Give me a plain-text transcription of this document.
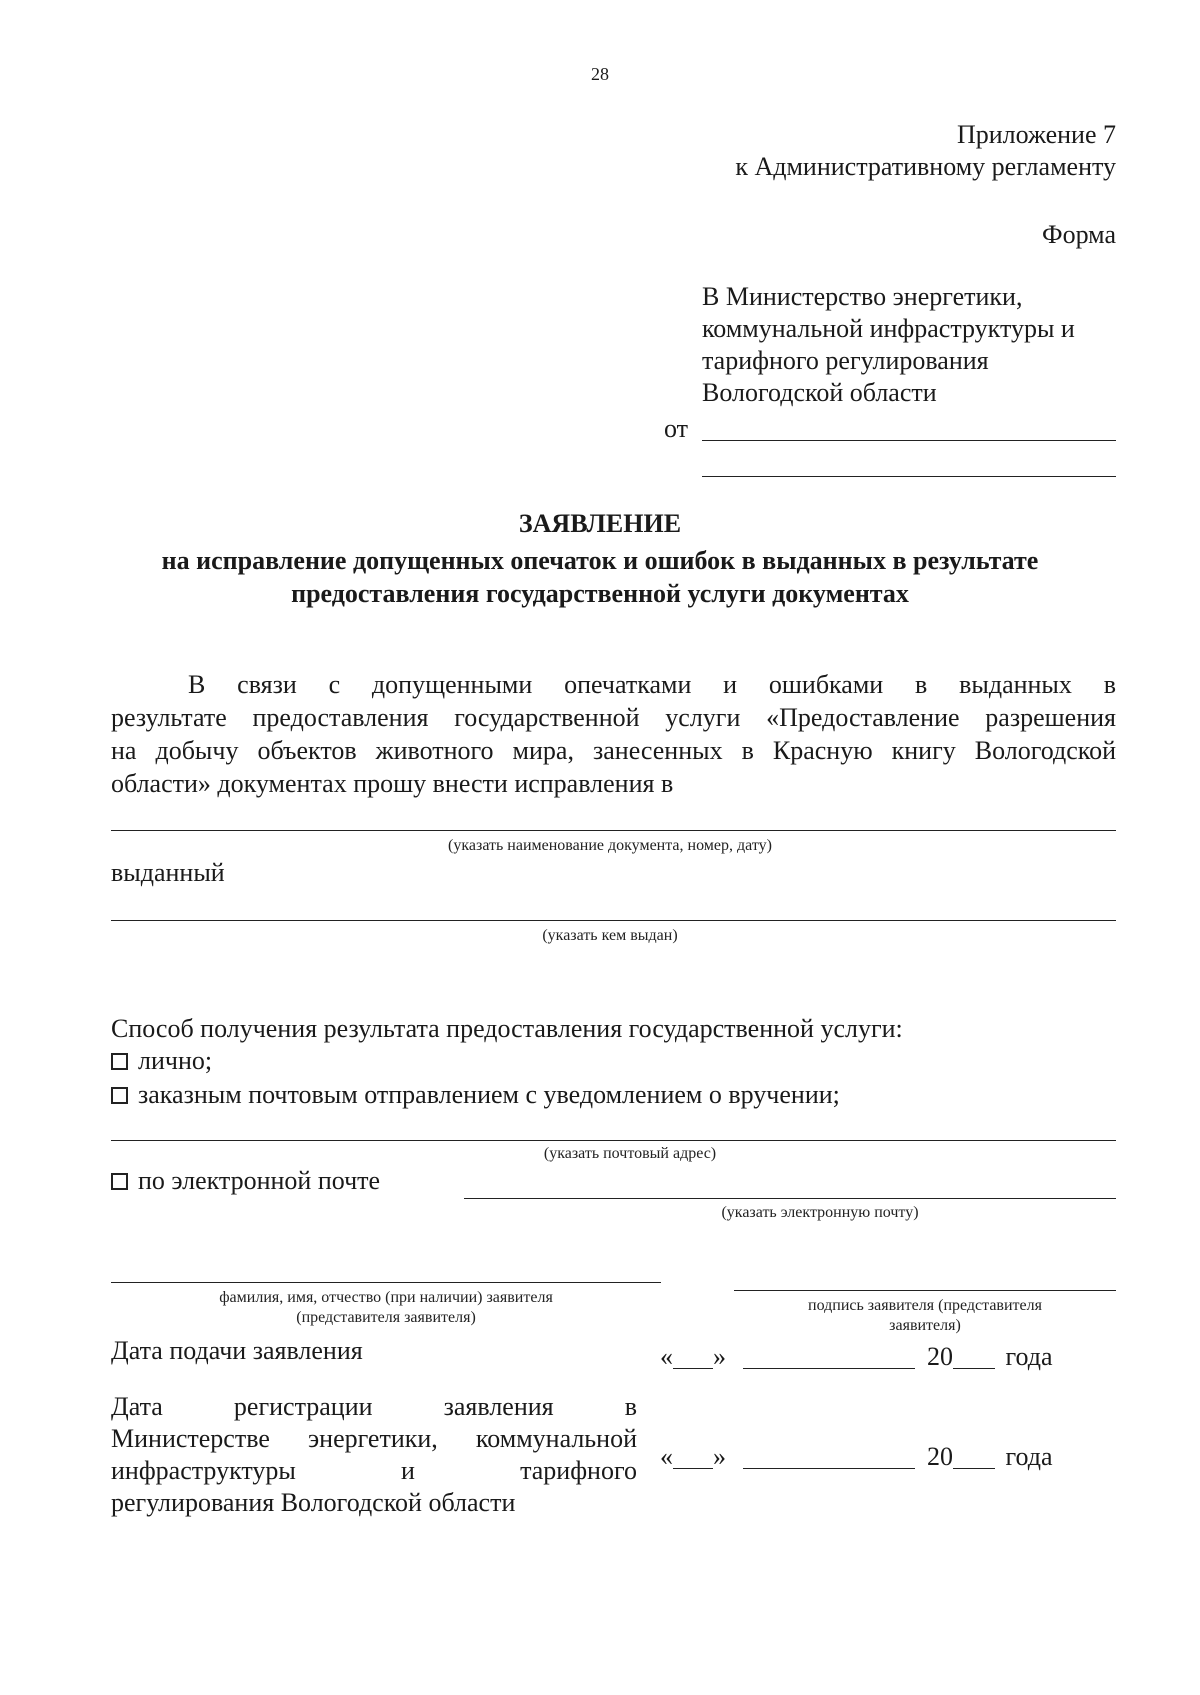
28
Приложение 7
к Административному регламенту
Форма
В Министерство энергетики,
коммунальной инфраструктуры и
тарифного регулирования
Вологодской области
от
ЗАЯВЛЕНИЕ
на исправление допущенных опечаток и ошибок в выданных в результате
предоставления государственной услуги документах
В связи с допущенными опечатками и ошибками в выданных в
результате предоставления государственной услуги «Предоставление разрешения
на добычу объектов животного мира, занесенных в Красную книгу Вологодской
области» документах прошу внести исправления в
(указать наименование документа, номер, дату)
выданный
(указать кем выдан)
Способ получения результата предоставления государственной услуги:
лично;
заказным почтовым отправлением с уведомлением о вручении;
(указать почтовый адрес)
по электронной почте
(указать электронную почту)
фамилия, имя, отчество (при наличии) заявителя
(представителя заявителя)
подпись заявителя (представителя
заявителя)
Дата подачи заявления	« »	20 года
Дата регистрации заявления в
Министерстве энергетики, коммунальной
инфраструктуры и тарифного
регулирования Вологодской области
« »	20 года
